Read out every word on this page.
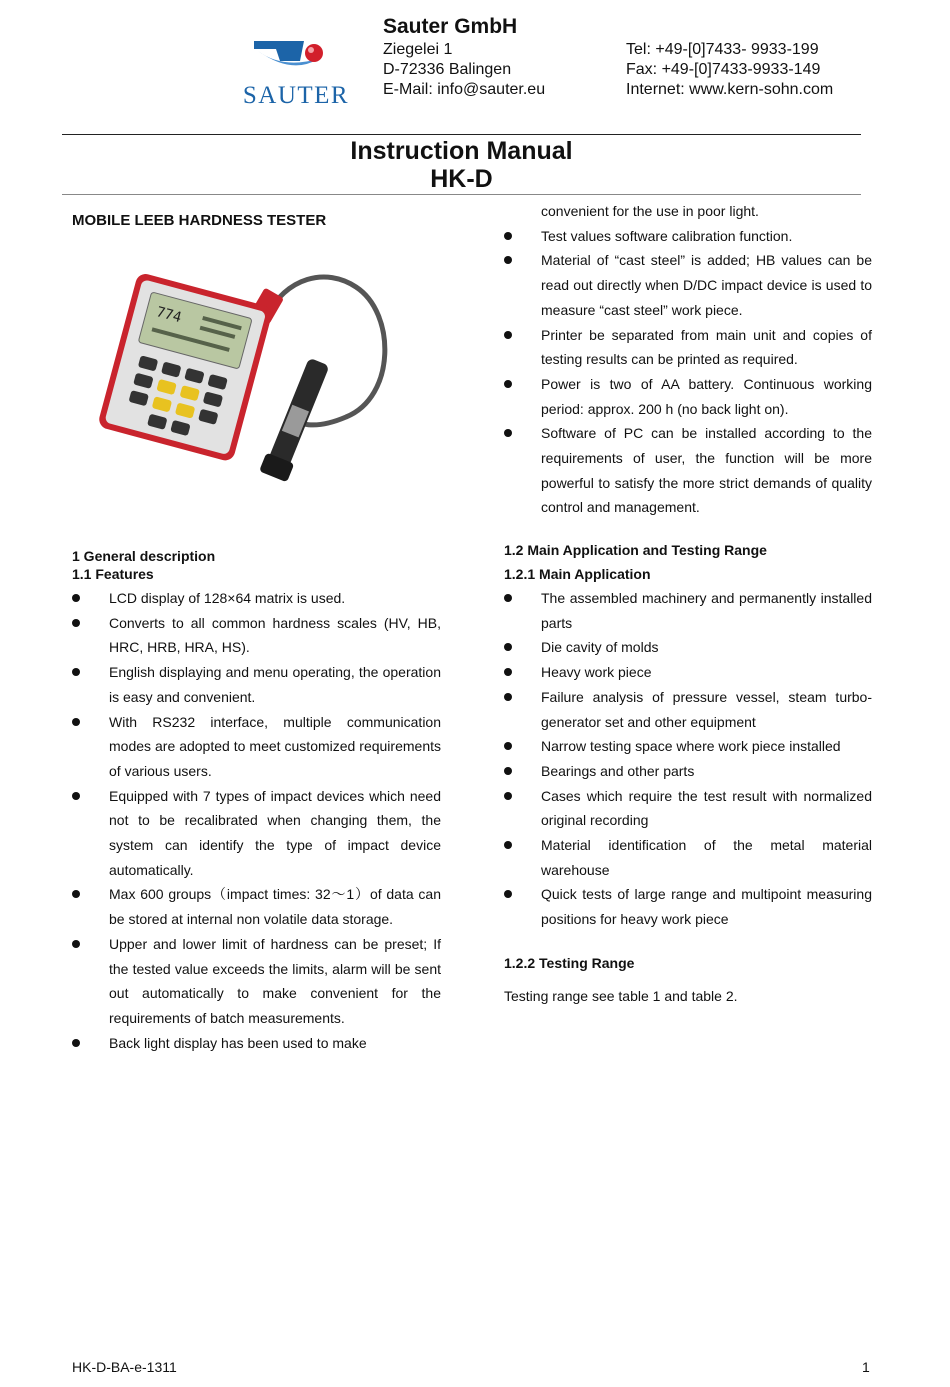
SAUTER
Sauter GmbH
Ziegelei 1
D-72336 Balingen
E-Mail: info@sauter.eu
Tel: +49-[0]7433- 9933-199
Fax: +49-[0]7433-9933-149
Internet: www.kern-sohn.com
Instruction Manual
HK-D
MOBILE LEEB HARDNESS TESTER
774
1 General description
1.1 Features
LCD display of 128×64 matrix is used.
Converts to all common hardness scales (HV, HB, HRC, HRB, HRA, HS).
English displaying and menu operating, the operation is easy and convenient.
With RS232 interface, multiple communication modes are adopted to meet customized requirements of various users.
Equipped with 7 types of impact devices which need not to be recalibrated when changing them, the system can identify the type of impact device automatically.
Max 600 groups（impact times: 32～1）of data can be stored at internal non volatile data storage.
Upper and lower limit of hardness can be preset; If the tested value exceeds the limits, alarm will be sent out automatically to make convenient for the requirements of batch measurements.
Back light display has been used to make
convenient for the use in poor light.
Test values software calibration function.
Material of “cast steel” is added; HB values can be read out directly when D/DC impact device is used to measure “cast steel” work piece.
Printer be separated from main unit and copies of testing results can be printed as required.
Power is two of AA battery. Continuous working period: approx. 200 h (no back light on).
Software of PC can be installed according to the requirements of user, the function will be more powerful to satisfy the more strict demands of quality control and management.
1.2 Main Application and Testing Range
1.2.1 Main Application
The assembled machinery and permanently installed parts
Die cavity of molds
Heavy work piece
Failure analysis of pressure vessel, steam turbo-generator set and other equipment
Narrow testing space where work piece installed
Bearings and other parts
Cases which require the test result with normalized original recording
Material identification of the metal material warehouse
Quick tests of large range and multipoint measuring positions for heavy work piece
1.2.2 Testing Range
Testing range see table 1 and table 2.
HK-D-BA-e-1311	1
